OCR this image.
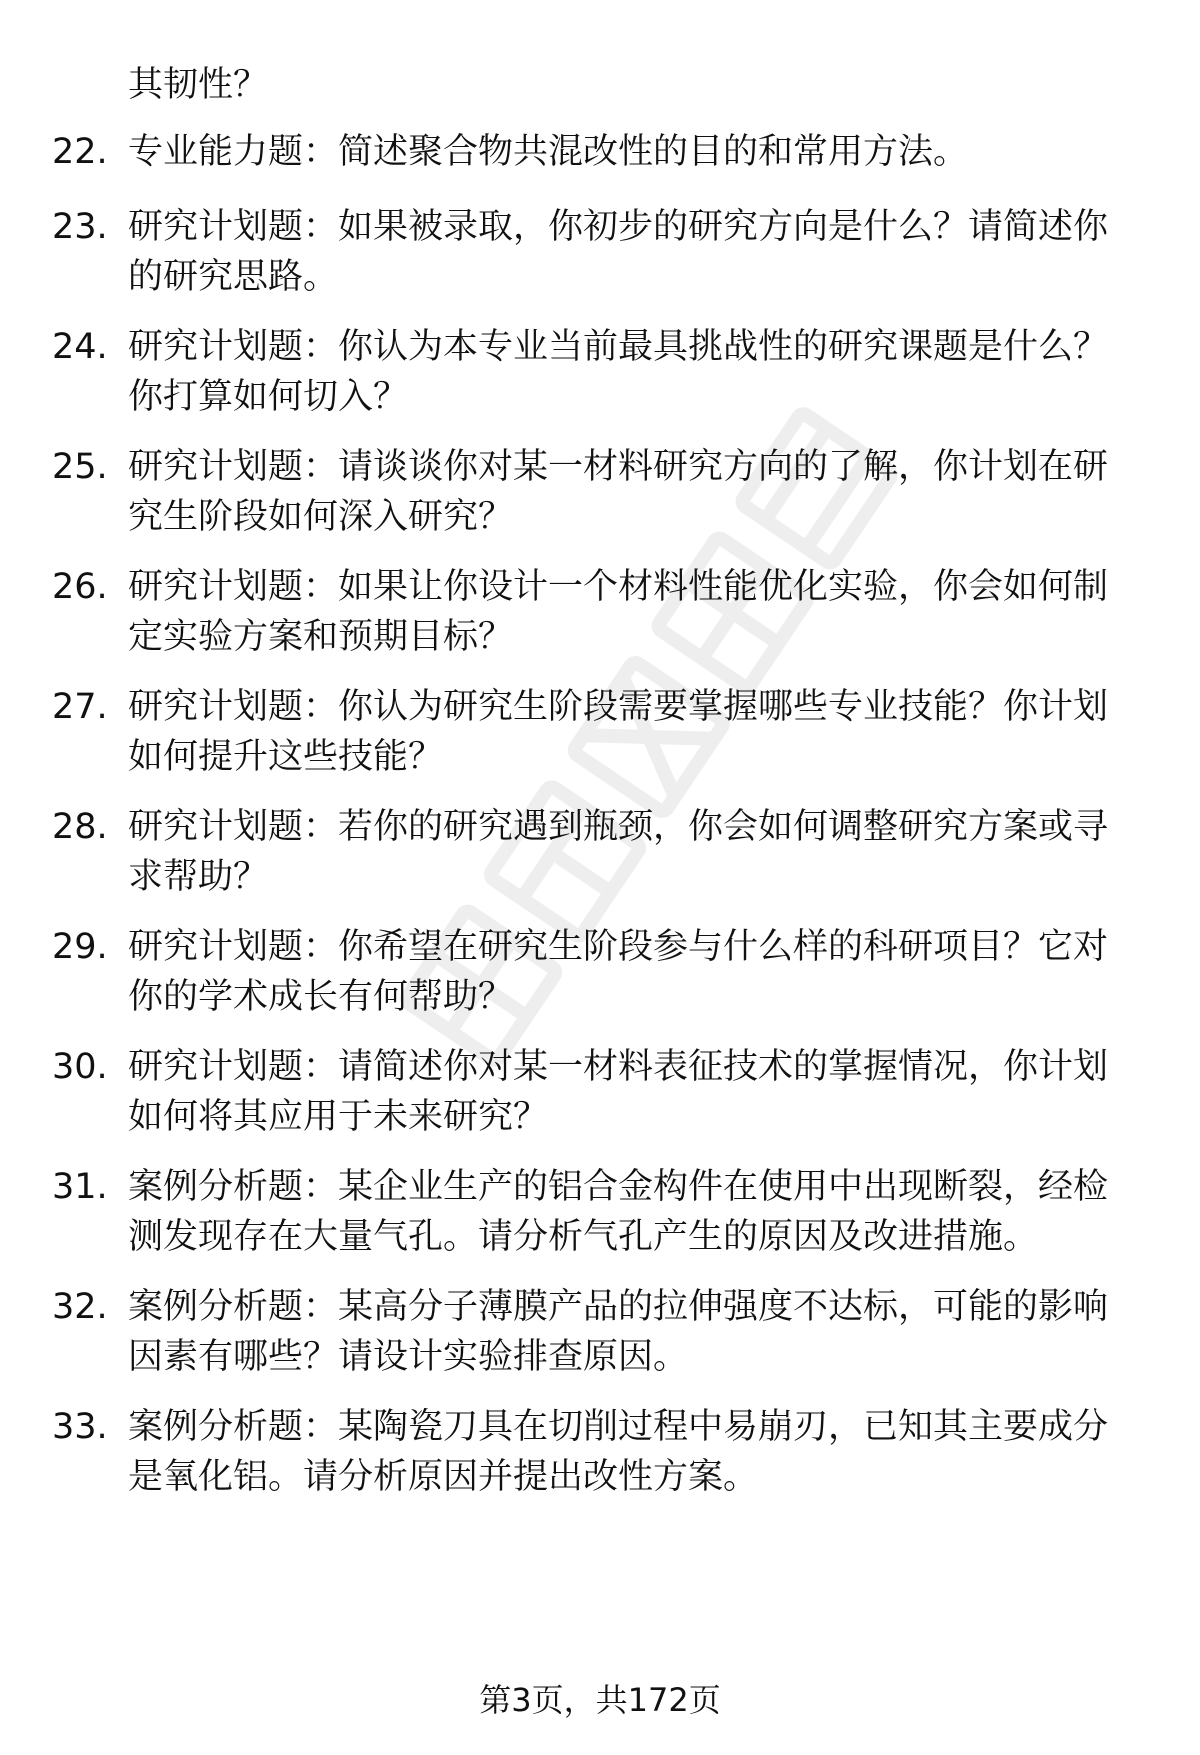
其韧性？
22. 专业能力题：简述聚合物共混改性的目的和常用方法。
23. 研究计划题：如果被录取，你初步的研究方向是什么？请简述你
的研究思路。
24. 研究计划题：你认为本专业当前最具挑战性的研究课题是什么？
你打算如何切入？
25. 研究计划题：请谈谈你对某一材料研究方向的了解，你计划在研
究生阶段如何深入研究？
26. 研究计划题：如果让你设计一个材料性能优化实验，你会如何制
定实验方案和预期目标？
27. 研究计划题：你认为研究生阶段需要掌握哪些专业技能？你计划
如何提升这些技能？
28. 研究计划题：若你的研究遇到瓶颈，你会如何调整研究方案或寻
求帮助？
29. 研究计划题：你希望在研究生阶段参与什么样的科研项目？它对
你的学术成长有何帮助？
30. 研究计划题：请简述你对某一材料表征技术的掌握情况，你计划
如何将其应用于未来研究？
31. 案例分析题：某企业生产的铝合金构件在使用中出现断裂，经检
测发现存在大量气孔。请分析气孔产生的原因及改进措施。
32. 案例分析题：某高分子薄膜产品的拉伸强度不达标，可能的影响
因素有哪些？请设计实验排查原因。
33. 案例分析题：某陶瓷刀具在切削过程中易崩刃，已知其主要成分
是氧化铝。请分析原因并提出改性方案。
第3页，共172页
